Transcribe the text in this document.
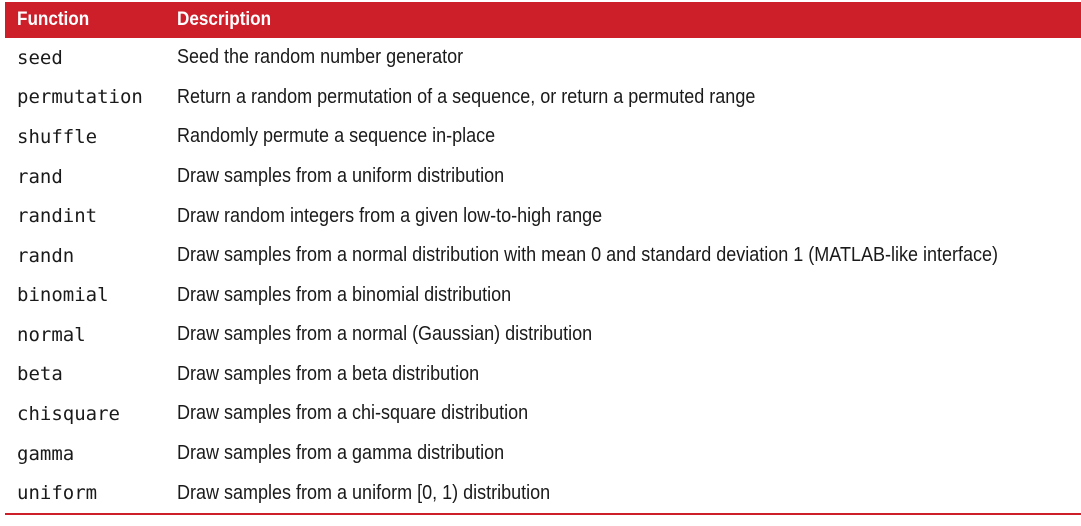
Function	Description
seed	Seed the random number generator
permutation	Return a random permutation of a sequence, or return a permuted range
shuffle	Randomly permute a sequence in-place
rand	Draw samples from a uniform distribution
randint	Draw random integers from a given low-to-high range
randn	Draw samples from a normal distribution with mean 0 and standard deviation 1 (MATLAB-like interface)
binomial	Draw samples from a binomial distribution
normal	Draw samples from a normal (Gaussian) distribution
beta	Draw samples from a beta distribution
chisquare	Draw samples from a chi-square distribution
gamma	Draw samples from a gamma distribution
uniform	Draw samples from a uniform [0, 1) distribution
